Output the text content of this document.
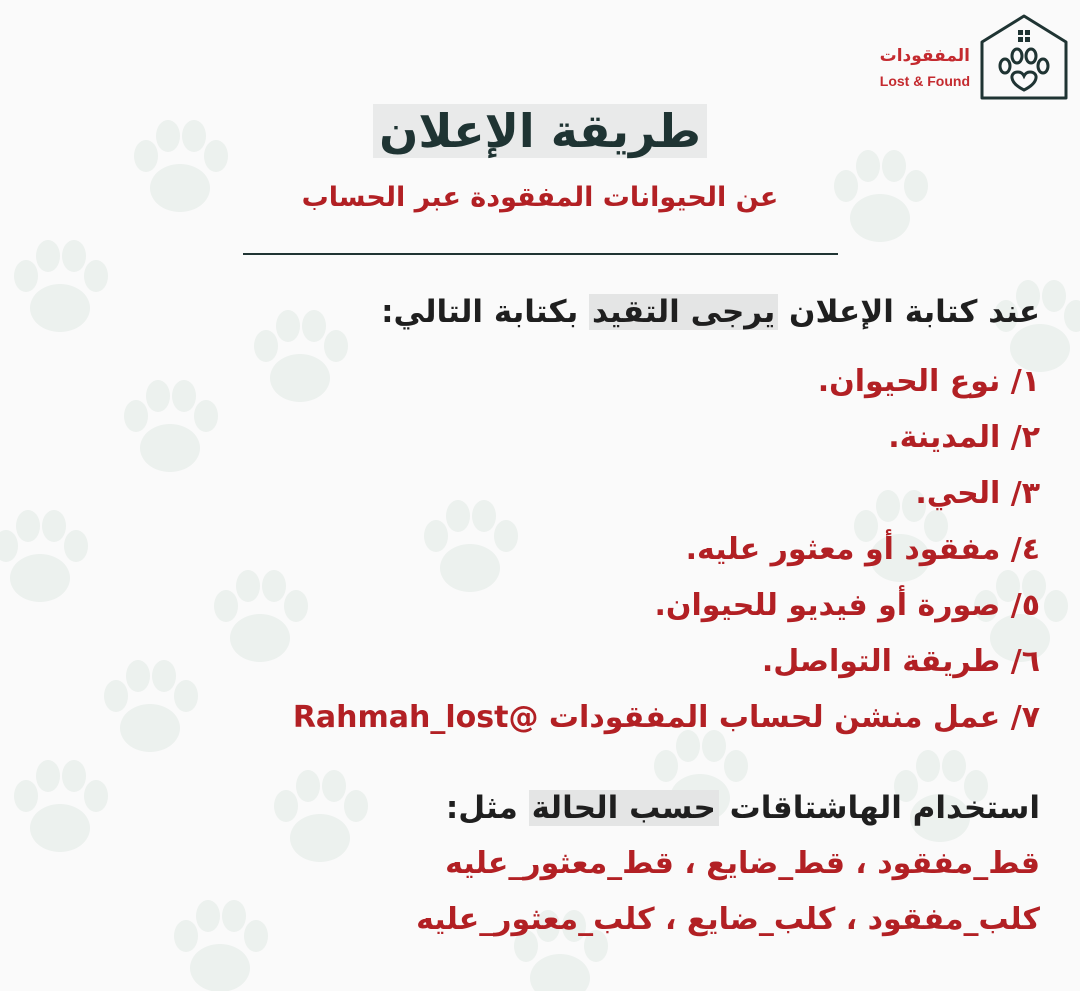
المفقودات
Lost & Found
طريقة الإعلان
عن الحيوانات المفقودة عبر الحساب
عند كتابة الإعلان يرجى التقيد بكتابة التالي:
١/ نوع الحيوان.
٢/ المدينة.
٣/ الحي.
٤/ مفقود أو معثور عليه.
٥/ صورة أو فيديو للحيوان.
٦/ طريقة التواصل.
٧/ عمل منشن لحساب المفقودات @Rahmah_lost
استخدام الهاشتاقات حسب الحالة مثل:
قط_مفقود ، قط_ضايع ، قط_معثور_عليه
كلب_مفقود ، كلب_ضايع ، كلب_معثور_عليه
